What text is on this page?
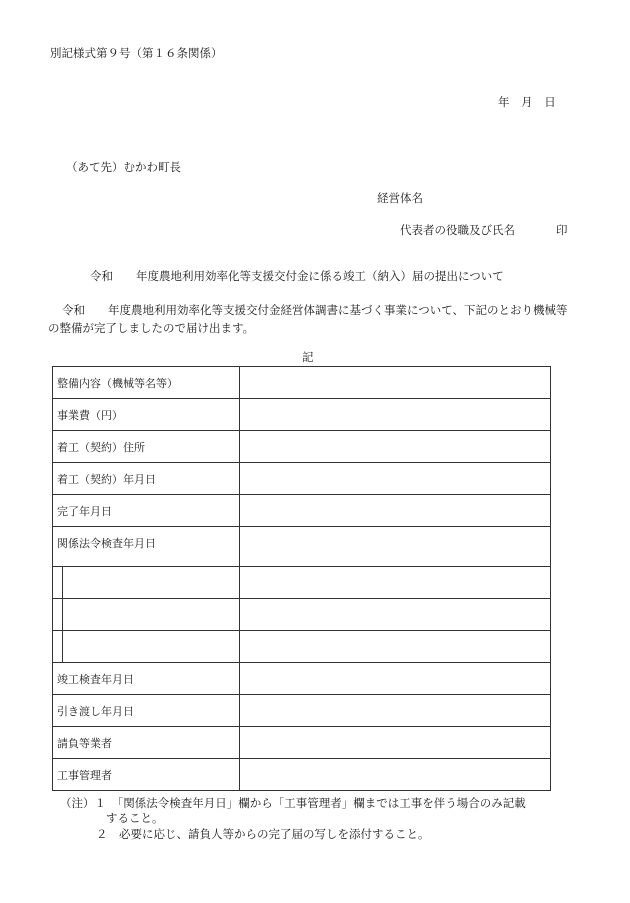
別記様式第９号（第１６条関係）
年 月 日
（あて先）むかわ町長
経営体名
代表者の役職及び氏名	印
令和　　年度農地利用効率化等支援交付金に係る竣工（納入）届の提出について
令和　　年度農地利用効率化等支援交付金経営体調書に基づく事業について、下記のとおり機械等の整備が完了しましたので届け出ます。
記
整備内容（機械等名等）	
事業費（円）	
着工（契約）住所	
着工（契約）年月日	
完了年月日	
関係法令検査年月日	

竣工検査年月日	
引き渡し年月日	
請負等業者	
工事管理者	
（注）１　「関係法令検査年月日」欄から「工事管理者」欄までは工事を伴う場合のみ記載
すること。
２　必要に応じ、請負人等からの完了届の写しを添付すること。
